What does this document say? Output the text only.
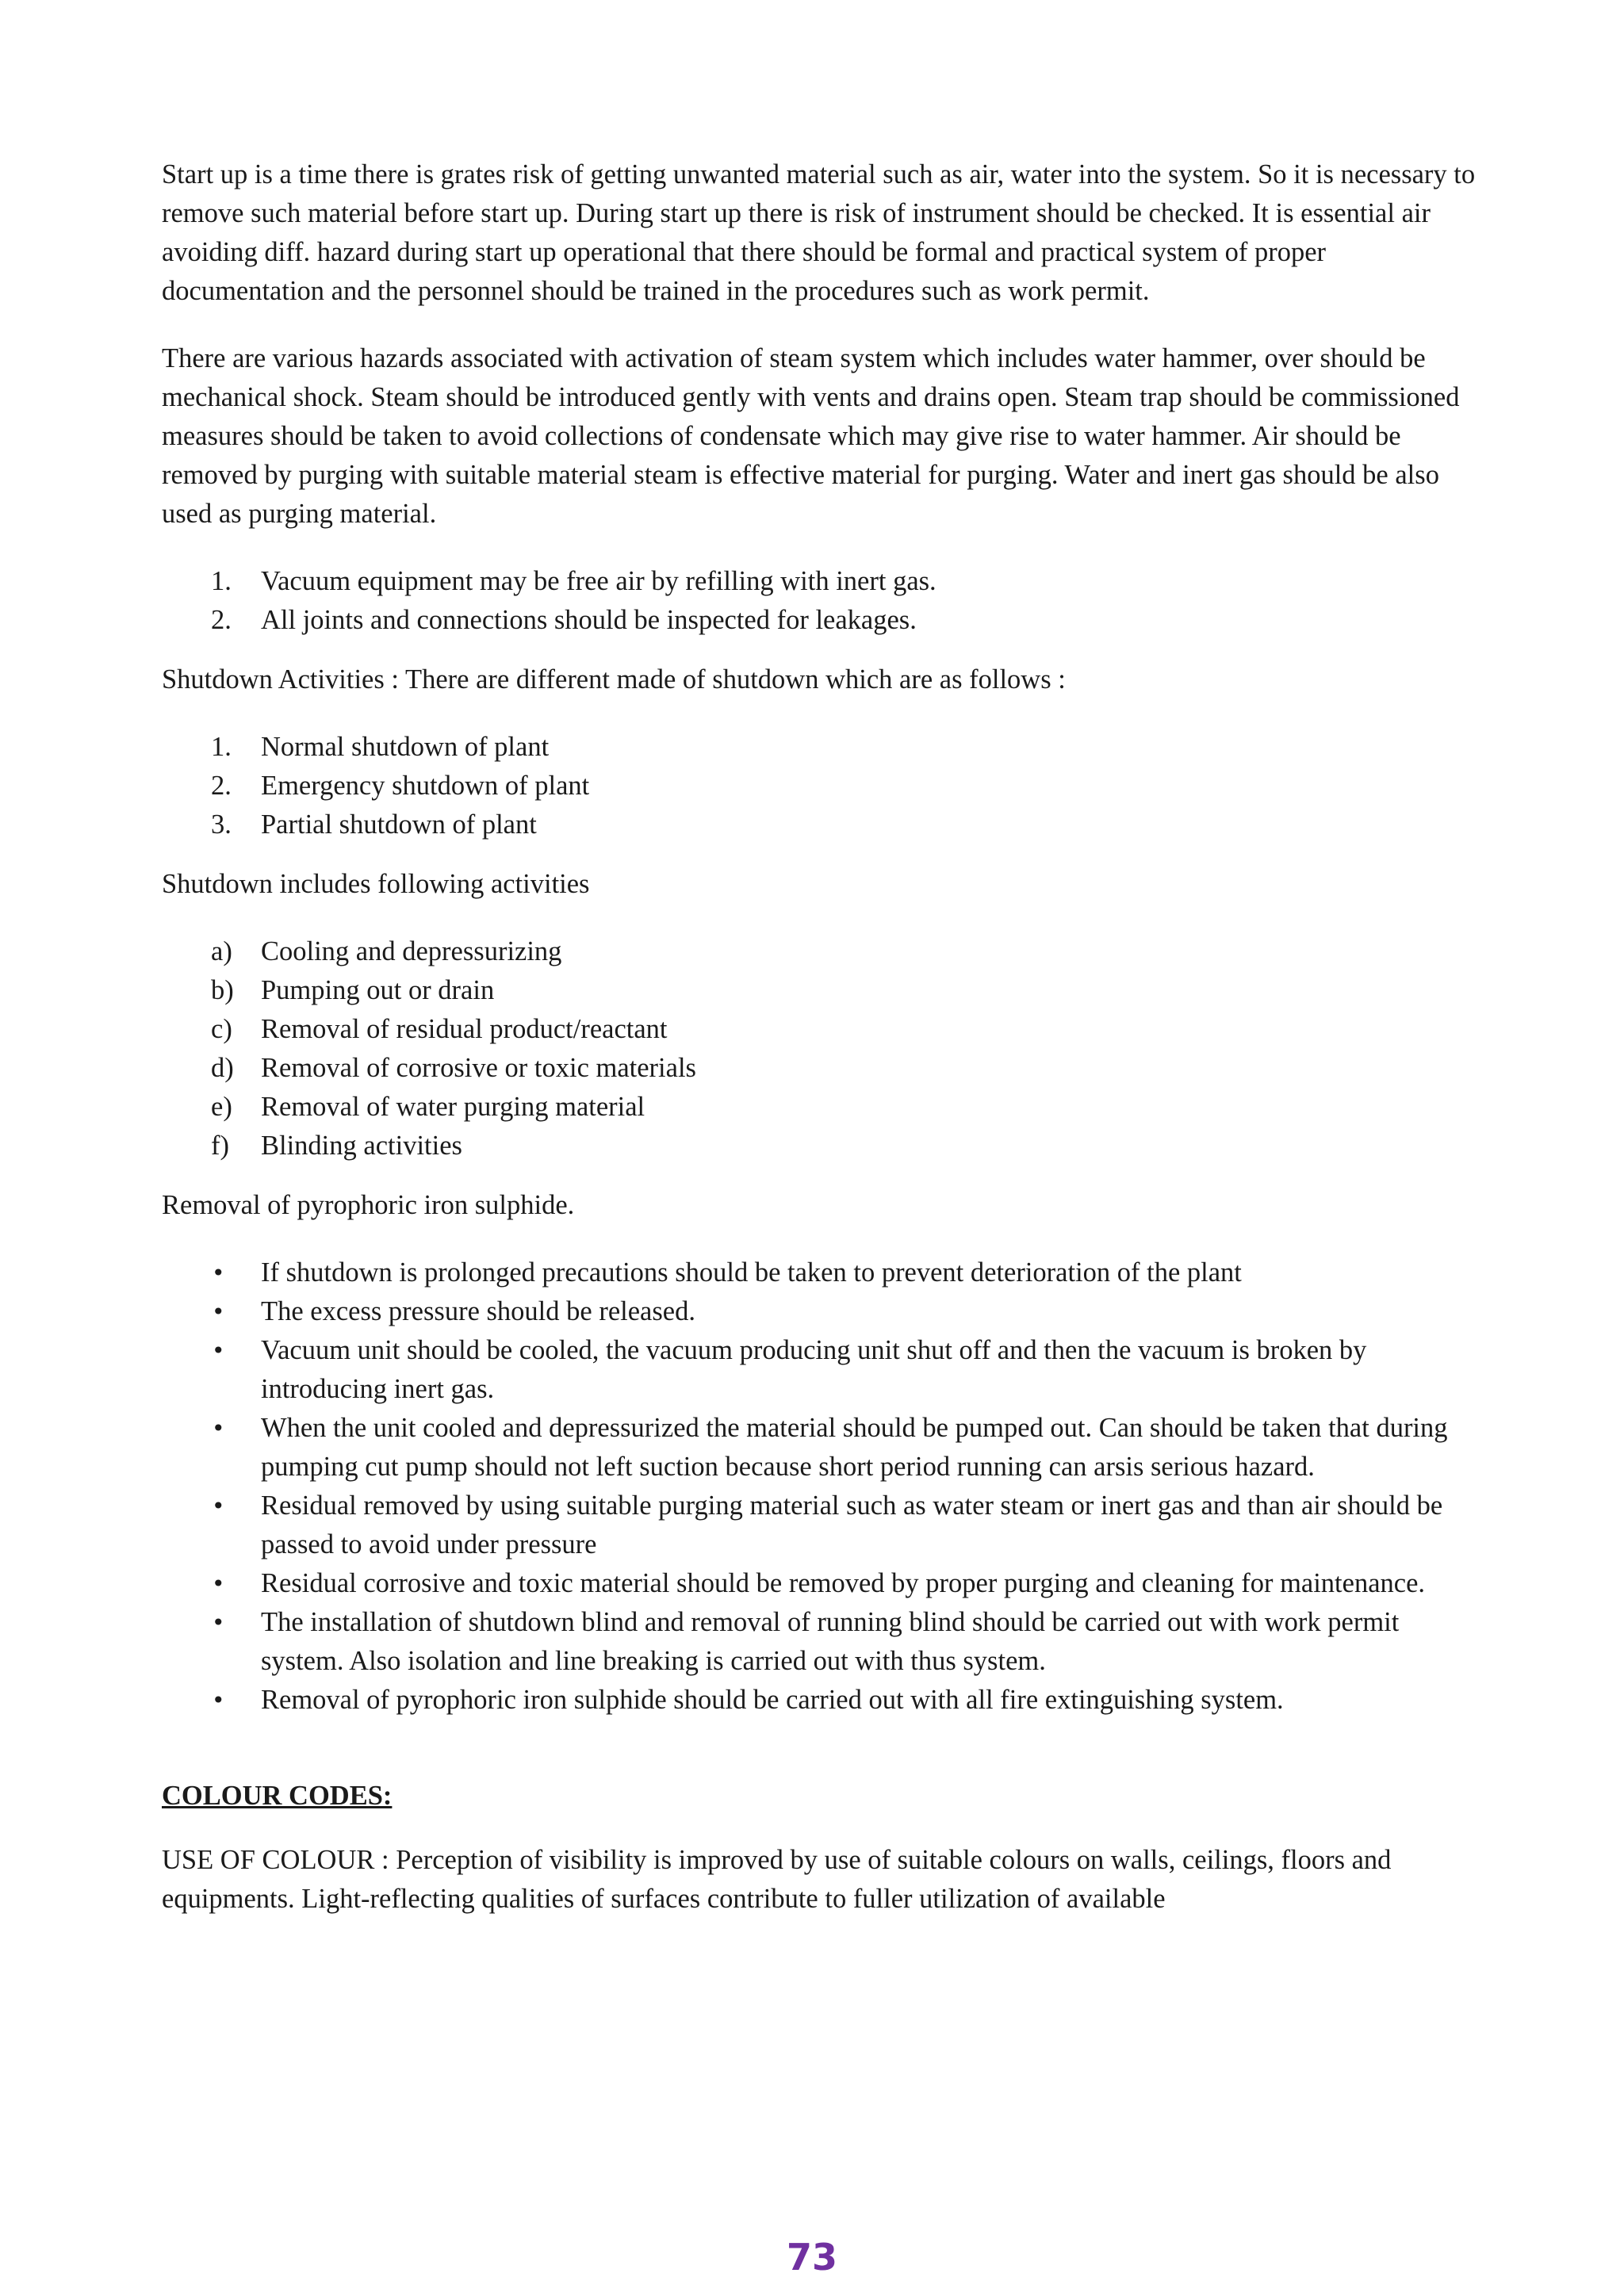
Start up is a time there is grates risk of getting unwanted material such as air, water into the system. So it is necessary to remove such material before start up. During start up there is risk of instrument should be checked. It is essential air avoiding diff. hazard during start up operational that there should be formal and practical system of proper documentation and the personnel should be trained in the procedures such as work permit.

There are various hazards associated with activation of steam system which includes water hammer, over should be mechanical shock. Steam should be introduced gently with vents and drains open. Steam trap should be commissioned measures should be taken to avoid collections of condensate which may give rise to water hammer. Air should be removed by purging with suitable material steam is effective material for purging. Water and inert gas should be also used as purging material.

1. Vacuum equipment may be free air by refilling with inert gas.
2. All joints and connections should be inspected for leakages.

Shutdown Activities : There are different made of shutdown which are as follows :

1. Normal shutdown of plant
2. Emergency shutdown of plant
3. Partial shutdown of plant

Shutdown includes following activities

a) Cooling and depressurizing
b) Pumping out or drain
c) Removal of residual product/reactant
d) Removal of corrosive or toxic materials
e) Removal of water purging material
f) Blinding activities

Removal of pyrophoric iron sulphide.

• If shutdown is prolonged precautions should be taken to prevent deterioration of the plant
• The excess pressure should be released.
• Vacuum unit should be cooled, the vacuum producing unit shut off and then the vacuum is broken by introducing inert gas.
• When the unit cooled and depressurized the material should be pumped out. Can should be taken that during pumping cut pump should not left suction because short period running can arsis serious hazard.
• Residual removed by using suitable purging material such as water steam or inert gas and than air should be passed to avoid under pressure
• Residual corrosive and toxic material should be removed by proper purging and cleaning for maintenance.
• The installation of shutdown blind and removal of running blind should be carried out with work permit system. Also isolation and line breaking is carried out with thus system.
• Removal of pyrophoric iron sulphide should be carried out with all fire extinguishing system.

COLOUR CODES:

USE OF COLOUR : Perception of visibility is improved by use of suitable colours on walls, ceilings, floors and equipments. Light-reflecting qualities of surfaces contribute to fuller utilization of available

73
